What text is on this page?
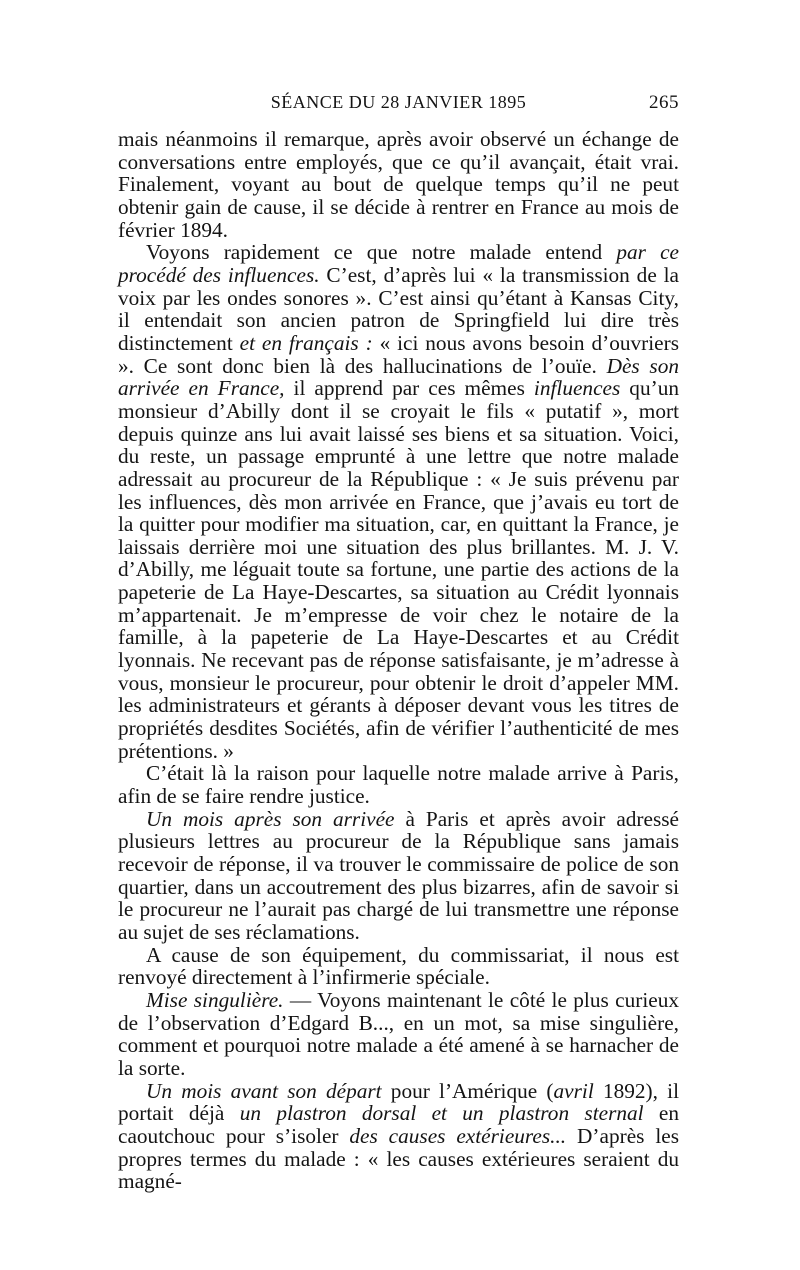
SÉANCE DU 28 JANVIER 1895	265

mais néanmoins il remarque, après avoir observé un échange de conversations entre employés, que ce qu’il avançait, était vrai. Finalement, voyant au bout de quelque temps qu’il ne peut obtenir gain de cause, il se décide à rentrer en France au mois de février 1894.

Voyons rapidement ce que notre malade entend par ce procédé des influences. C’est, d’après lui « la transmission de la voix par les ondes sonores ». C’est ainsi qu’étant à Kansas City, il entendait son ancien patron de Springfield lui dire très distinctement et en français : « ici nous avons besoin d’ouvriers ». Ce sont donc bien là des hallucinations de l’ouïe. Dès son arrivée en France, il apprend par ces mêmes influences qu’un monsieur d’Abilly dont il se croyait le fils « putatif », mort depuis quinze ans lui avait laissé ses biens et sa situation. Voici, du reste, un passage emprunté à une lettre que notre malade adressait au procureur de la République : « Je suis prévenu par les influences, dès mon arrivée en France, que j’avais eu tort de la quitter pour modifier ma situation, car, en quittant la France, je laissais derrière moi une situation des plus brillantes. M. J. V. d’Abilly, me léguait toute sa fortune, une partie des actions de la papeterie de La Haye-Descartes, sa situation au Crédit lyonnais m’appartenait. Je m’empresse de voir chez le notaire de la famille, à la papeterie de La Haye-Descartes et au Crédit lyonnais. Ne recevant pas de réponse satisfaisante, je m’adresse à vous, monsieur le procureur, pour obtenir le droit d’appeler MM. les administrateurs et gérants à déposer devant vous les titres de propriétés desdites Sociétés, afin de vérifier l’authenticité de mes prétentions. »

C’était là la raison pour laquelle notre malade arrive à Paris, afin de se faire rendre justice.

Un mois après son arrivée à Paris et après avoir adressé plusieurs lettres au procureur de la République sans jamais recevoir de réponse, il va trouver le commissaire de police de son quartier, dans un accoutrement des plus bizarres, afin de savoir si le procureur ne l’aurait pas chargé de lui transmettre une réponse au sujet de ses réclamations.

A cause de son équipement, du commissariat, il nous est renvoyé directement à l’infirmerie spéciale.

Mise singulière. — Voyons maintenant le côté le plus curieux de l’observation d’Edgard B..., en un mot, sa mise singulière, comment et pourquoi notre malade a été amené à se harnacher de la sorte.

Un mois avant son départ pour l’Amérique (avril 1892), il portait déjà un plastron dorsal et un plastron sternal en caoutchouc pour s’isoler des causes extérieures... D’après les propres termes du malade : « les causes extérieures seraient du magné-
